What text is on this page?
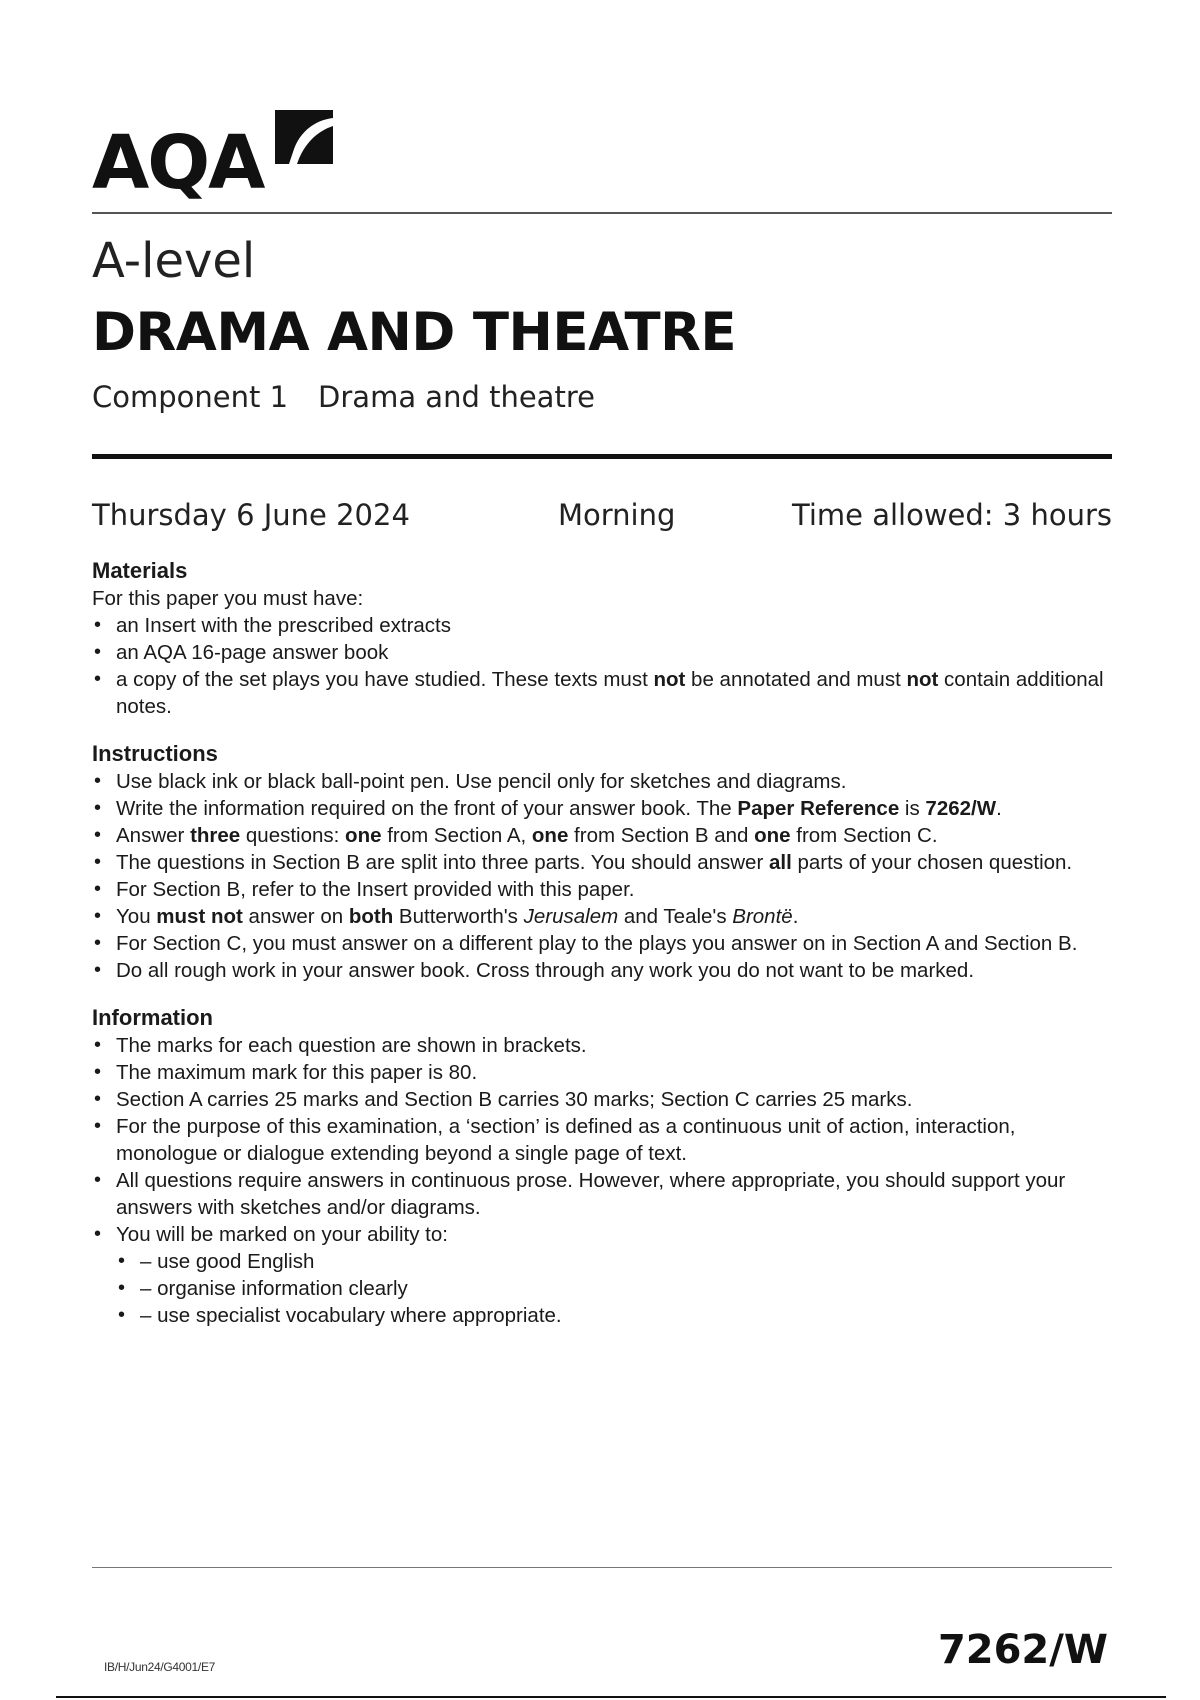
AQA
A-level
DRAMA AND THEATRE
Component 1 Drama and theatre
Thursday 6 June 2024	Morning	Time allowed: 3 hours

Materials

For this paper you must have:

• an Insert with the prescribed extracts
• an AQA 16-page answer book
• a copy of the set plays you have studied. These texts must not be annotated and must not contain additional notes.

Instructions

• Use black ink or black ball-point pen. Use pencil only for sketches and diagrams.
• Write the information required on the front of your answer book. The Paper Reference is 7262/W.
• Answer three questions: one from Section A, one from Section B and one from Section C.
• The questions in Section B are split into three parts. You should answer all parts of your chosen question.
• For Section B, refer to the Insert provided with this paper.
• You must not answer on both Butterworth's Jerusalem and Teale's Brontë.
• For Section C, you must answer on a different play to the plays you answer on in Section A and Section B.
• Do all rough work in your answer book. Cross through any work you do not want to be marked.

Information

• The marks for each question are shown in brackets.
• The maximum mark for this paper is 80.
• Section A carries 25 marks and Section B carries 30 marks; Section C carries 25 marks.
• For the purpose of this examination, a ‘section’ is defined as a continuous unit of action, interaction, monologue or dialogue extending beyond a single page of text.
• All questions require answers in continuous prose. However, where appropriate, you should support your answers with sketches and/or diagrams.
• You will be marked on your ability to:
• – use good English
• – organise information clearly
• – use specialist vocabulary where appropriate.
IB/H/Jun24/G4001/E7	7262/W
